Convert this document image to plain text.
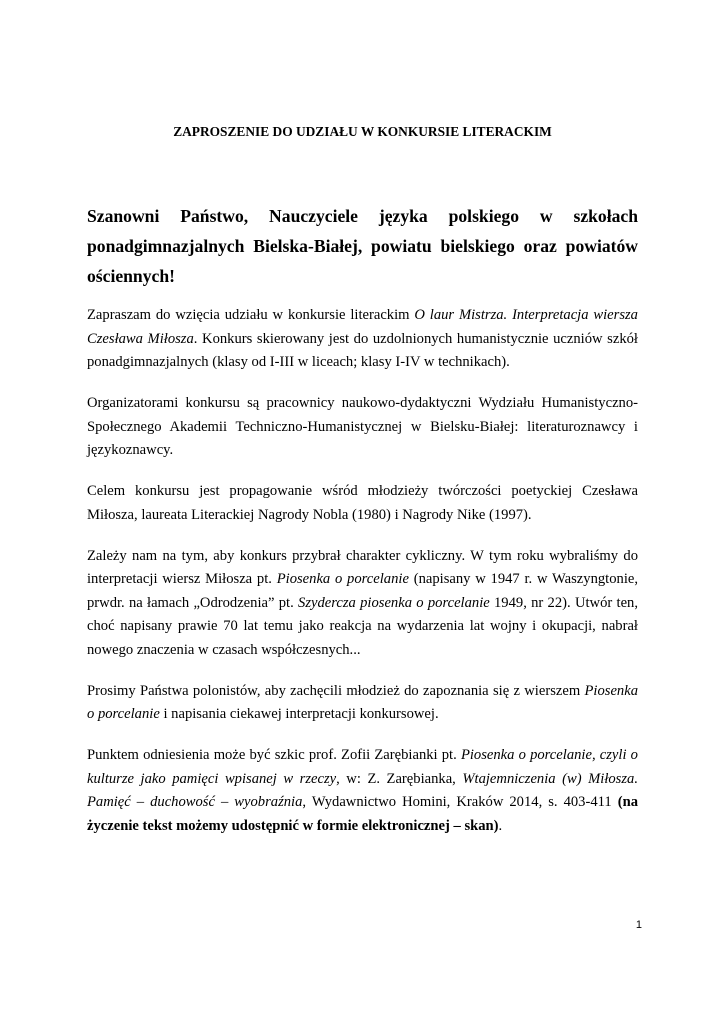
ZAPROSZENIE DO UDZIAŁU W KONKURSIE LITERACKIM

Szanowni Państwo, Nauczyciele języka polskiego w szkołach ponadgimnazjalnych Bielska-Białej, powiatu bielskiego oraz powiatów ościennych!

Zapraszam do wzięcia udziału w konkursie literackim O laur Mistrza. Interpretacja wiersza Czesława Miłosza. Konkurs skierowany jest do uzdolnionych humanistycznie uczniów szkół ponadgimnazjalnych (klasy od I-III w liceach; klasy I-IV w technikach).

Organizatorami konkursu są pracownicy naukowo-dydaktyczni Wydziału Humanistyczno-Społecznego Akademii Techniczno-Humanistycznej w Bielsku-Białej: literaturoznawcy i językoznawcy.

Celem konkursu jest propagowanie wśród młodzieży twórczości poetyckiej Czesława Miłosza, laureata Literackiej Nagrody Nobla (1980) i Nagrody Nike (1997).

Zależy nam na tym, aby konkurs przybrał charakter cykliczny. W tym roku wybraliśmy do interpretacji wiersz Miłosza pt. Piosenka o porcelanie (napisany w 1947 r. w Waszyngtonie, prwdr. na łamach „Odrodzenia” pt. Szydercza piosenka o porcelanie 1949, nr 22). Utwór ten, choć napisany prawie 70 lat temu jako reakcja na wydarzenia lat wojny i okupacji, nabrał nowego znaczenia w czasach współczesnych...

Prosimy Państwa polonistów, aby zachęcili młodzież do zapoznania się z wierszem Piosenka o porcelanie i napisania ciekawej interpretacji konkursowej.

Punktem odniesienia może być szkic prof. Zofii Zarębianki pt. Piosenka o porcelanie, czyli o kulturze jako pamięci wpisanej w rzeczy, w: Z. Zarębianka, Wtajemniczenia (w) Miłosza. Pamięć – duchowość – wyobraźnia, Wydawnictwo Homini, Kraków 2014, s. 403-411 (na życzenie tekst możemy udostępnić w formie elektronicznej – skan).

1
